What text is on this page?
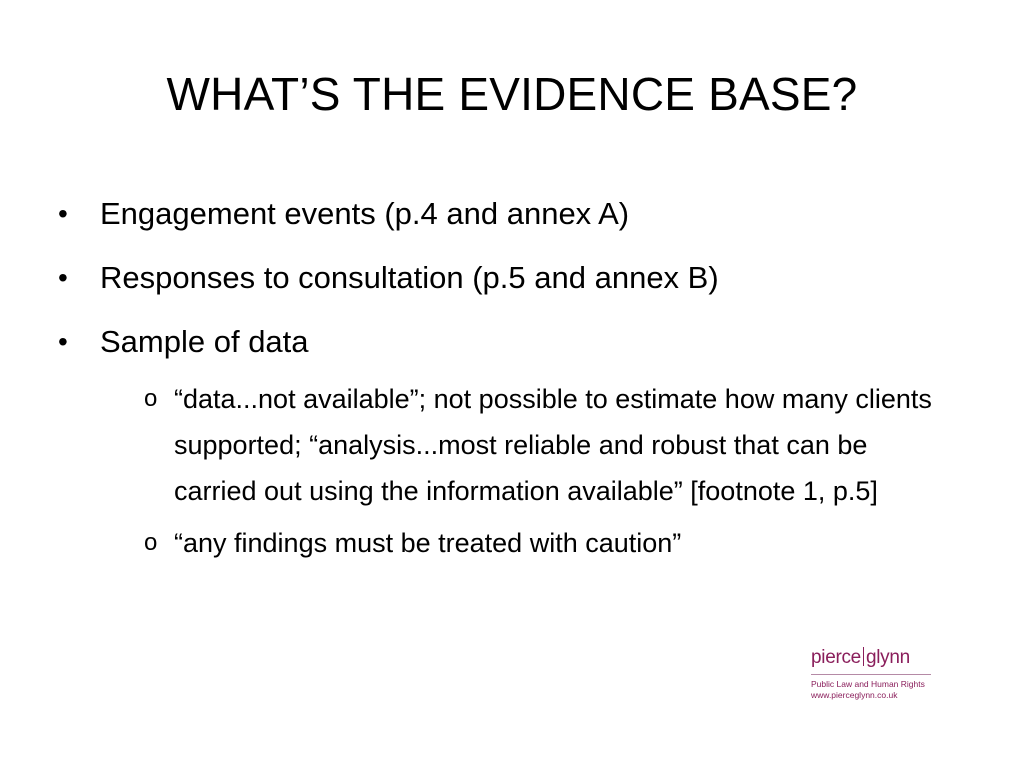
WHAT’S THE EVIDENCE BASE?
• Engagement events (p.4 and annex A)
• Responses to consultation (p.5 and annex B)
• Sample of data
o “data...not available”; not possible to estimate how many clients supported; “analysis...most reliable and robust that can be carried out using the information available” [footnote 1, p.5]
o “any findings must be treated with caution”
pierce glynn
Public Law and Human Rights
www.pierceglynn.co.uk
